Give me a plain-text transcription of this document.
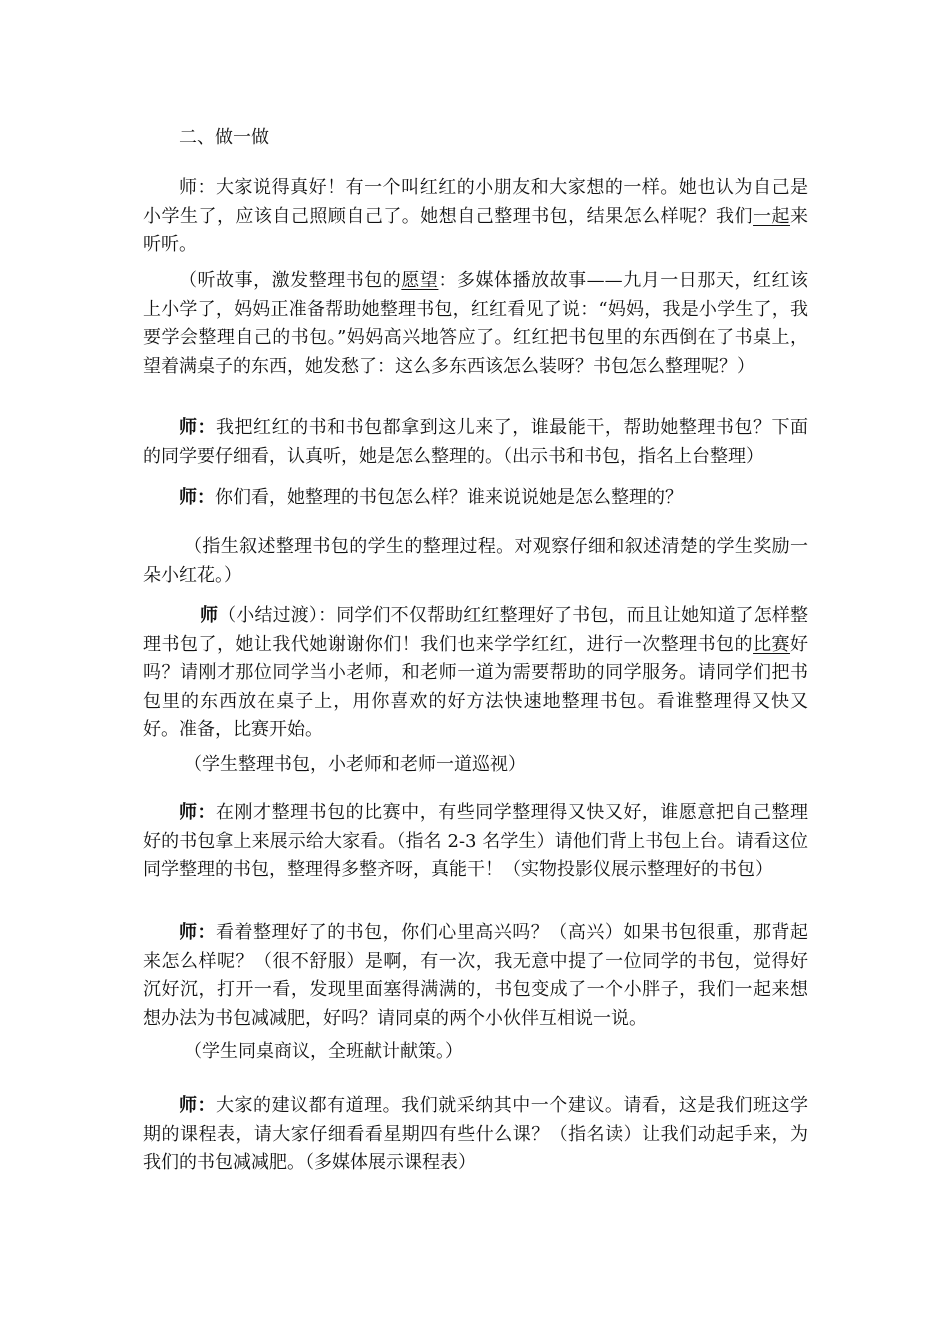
二、做一做

师：大家说得真好！有一个叫红红的小朋友和大家想的一样。她也认为自己是小学生了，应该自己照顾自己了。她想自己整理书包，结果怎么样呢？我们一起来听听。

（听故事，激发整理书包的愿望：多媒体播放故事——九月一日那天，红红该上小学了，妈妈正准备帮助她整理书包，红红看见了说：“妈妈，我是小学生了，我要学会整理自己的书包。”妈妈高兴地答应了。红红把书包里的东西倒在了书桌上，望着满桌子的东西，她发愁了：这么多东西该怎么装呀？书包怎么整理呢？）

师：我把红红的书和书包都拿到这儿来了，谁最能干，帮助她整理书包？下面的同学要仔细看，认真听，她是怎么整理的。（出示书和书包，指名上台整理）

师：你们看，她整理的书包怎么样？谁来说说她是怎么整理的？

（指生叙述整理书包的学生的整理过程。对观察仔细和叙述清楚的学生奖励一朵小红花。）

师（小结过渡）：同学们不仅帮助红红整理好了书包，而且让她知道了怎样整理书包了，她让我代她谢谢你们！我们也来学学红红，进行一次整理书包的比赛好吗？请刚才那位同学当小老师，和老师一道为需要帮助的同学服务。请同学们把书包里的东西放在桌子上，用你喜欢的好方法快速地整理书包。看谁整理得又快又好。准备，比赛开始。

（学生整理书包，小老师和老师一道巡视）

师：在刚才整理书包的比赛中，有些同学整理得又快又好，谁愿意把自己整理好的书包拿上来展示给大家看。（指名 2-3 名学生）请他们背上书包上台。请看这位同学整理的书包，整理得多整齐呀，真能干！（实物投影仪展示整理好的书包）

师：看着整理好了的书包，你们心里高兴吗？（高兴）如果书包很重，那背起来怎么样呢？（很不舒服）是啊，有一次，我无意中提了一位同学的书包，觉得好沉好沉，打开一看，发现里面塞得满满的，书包变成了一个小胖子，我们一起来想想办法为书包减减肥，好吗？请同桌的两个小伙伴互相说一说。

（学生同桌商议，全班献计献策。）

师：大家的建议都有道理。我们就采纳其中一个建议。请看，这是我们班这学期的课程表，请大家仔细看看星期四有些什么课？（指名读）让我们动起手来，为我们的书包减减肥。（多媒体展示课程表）
